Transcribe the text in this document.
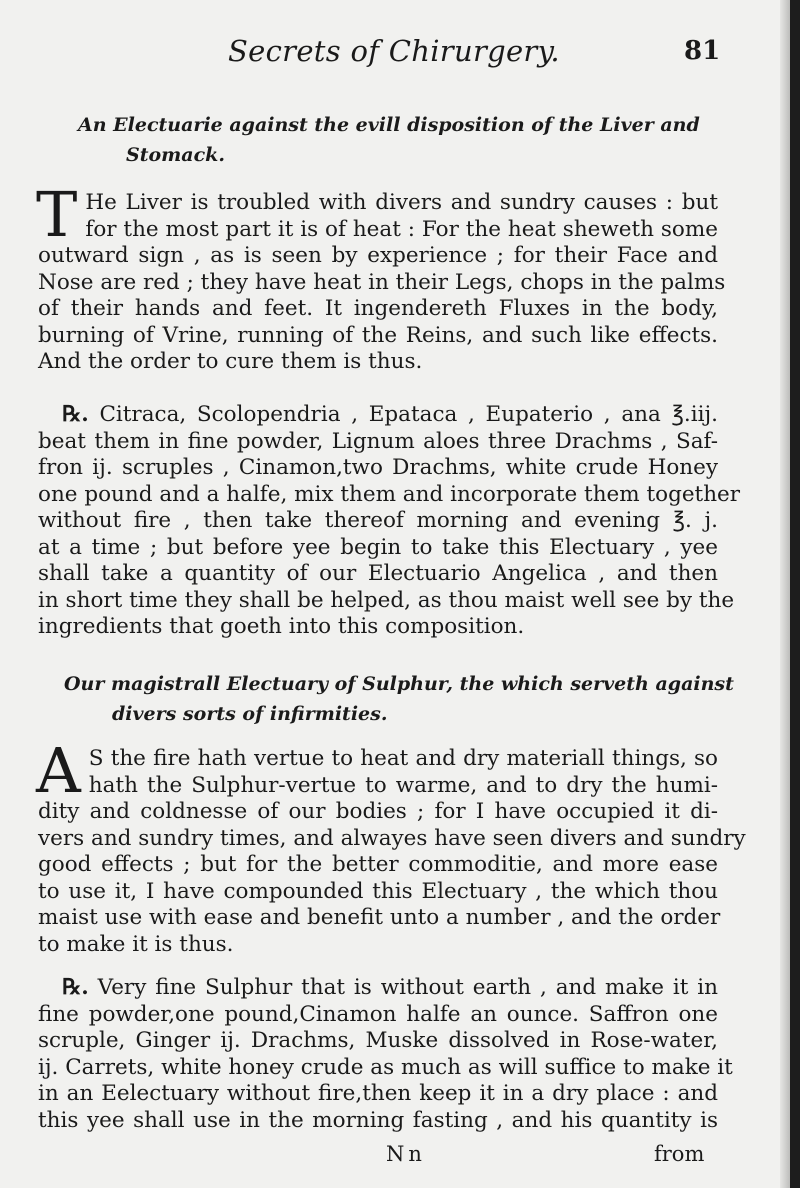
Secrets of Chirurgery.	81
An Electuarie against the evill disposition of the Liver and
Stomack.
T He Liver is troubled with divers and sundry causes : but
for the most part it is of heat : For the heat sheweth some
outward sign , as is seen by experience ; for their Face and
Nose are red ; they have heat in their Legs, chops in the palms
of their hands and feet. It ingendereth Fluxes in the body,
burning of Vrine, running of the Reins, and such like effects.
And the order to cure them is thus.
℞. Citraca, Scolopendria , Epataca , Eupaterio , ana ℥.iij.
beat them in fine powder, Lignum aloes three Drachms , Saf-
fron ij. scruples , Cinamon,two Drachms, white crude Honey
one pound and a halfe, mix them and incorporate them together
without fire , then take thereof morning and evening ℥. j.
at a time ; but before yee begin to take this Electuary , yee
shall take a quantity of our Electuario Angelica , and then
in short time they shall be helped, as thou maist well see by the
ingredients that goeth into this composition.
Our magistrall Electuary of Sulphur, the which serveth against
divers sorts of infirmities.
A S the fire hath vertue to heat and dry materiall things, so
hath the Sulphur-vertue to warme, and to dry the humi-
dity and coldnesse of our bodies ; for I have occupied it di-
vers and sundry times, and alwayes have seen divers and sundry
good effects ; but for the better commoditie, and more ease
to use it, I have compounded this Electuary , the which thou
maist use with ease and benefit unto a number , and the order
to make it is thus.
℞. Very fine Sulphur that is without earth , and make it in
fine powder,one pound,Cinamon halfe an ounce. Saffron one
scruple, Ginger ij. Drachms, Muske dissolved in Rose-water,
ij. Carrets, white honey crude as much as will suffice to make it
in an Eelectuary without fire,then keep it in a dry place : and
this yee shall use in the morning fasting , and his quantity is
Nn	from
